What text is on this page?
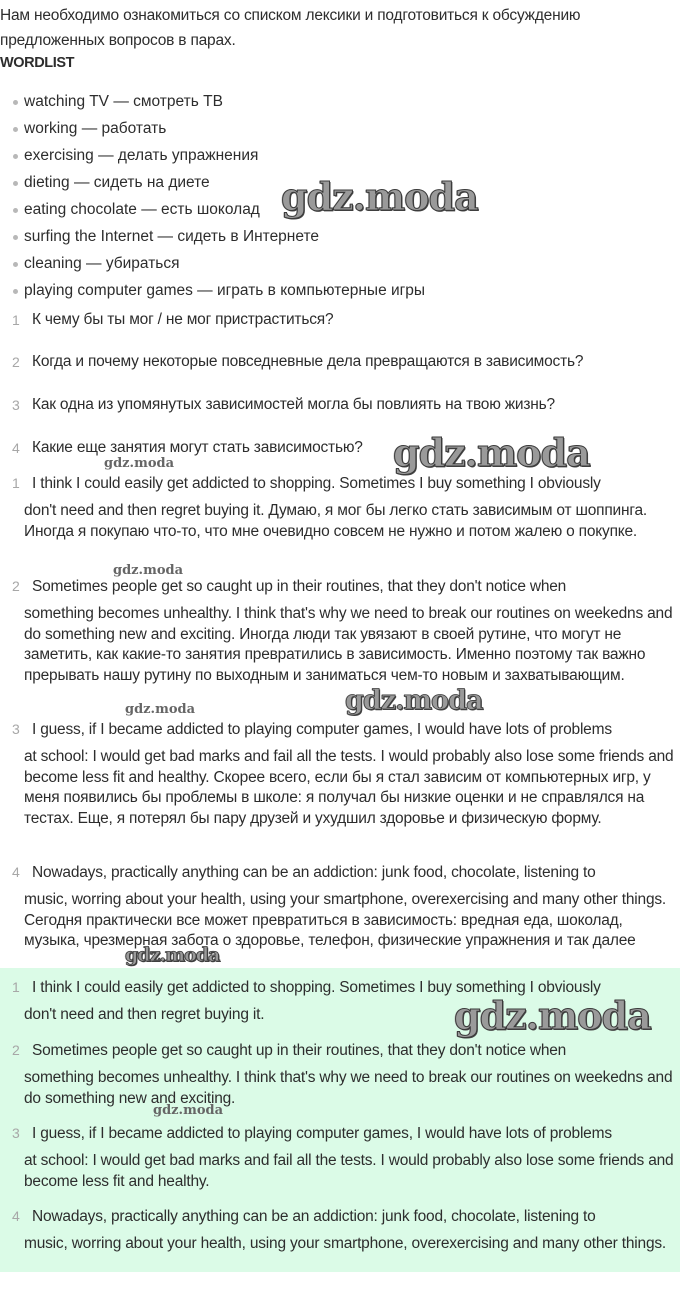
Нам необходимо ознакомиться со списком лексики и подготовиться к обсуждению
предложенных вопросов в парах.
WORDLIST
watching TV — смотреть ТВ
working — работать
exercising — делать упражнения
dieting — сидеть на диете
eating chocolate — есть шоколад
surfing the Internet — сидеть в Интернете
cleaning — убираться
playing computer games — играть в компьютерные игры
1 К чему бы ты мог / не мог пристраститься?
2 Когда и почему некоторые повседневные дела превращаются в зависимость?
3 Как одна из упомянутых зависимостей могла бы повлиять на твою жизнь?
4 Какие еще занятия могут стать зависимостью?
1 I think I could easily get addicted to shopping. Sometimes I buy something I obviously
don't need and then regret buying it. Думаю, я мог бы легко стать зависимым от шоппинга. Иногда я покупаю что-то, что мне очевидно совсем не нужно и потом жалею о покупке.
2 Sometimes people get so caught up in their routines, that they don't notice when
something becomes unhealthy. I think that's why we need to break our routines on weekedns and do something new and exciting. Иногда люди так увязают в своей рутине, что могут не заметить, как какие-то занятия превратились в зависимость. Именно поэтому так важно прерывать нашу рутину по выходным и заниматься чем-то новым и захватывающим.
3 I guess, if I became addicted to playing computer games, I would have lots of problems
at school: I would get bad marks and fail all the tests. I would probably also lose some friends and become less fit and healthy. Скорее всего, если бы я стал зависим от компьютерных игр, у меня появились бы проблемы в школе: я получал бы низкие оценки и не справлялся на тестах. Еще, я потерял бы пару друзей и ухудшил здоровье и физическую форму.
4 Nowadays, practically anything can be an addiction: junk food, chocolate, listening to
music, worring about your health, using your smartphone, overexercising and many other things. Сегодня практически все может превратиться в зависимость: вредная еда, шоколад, музыка, чрезмерная забота о здоровье, телефон, физические упражнения и так далее
1 I think I could easily get addicted to shopping. Sometimes I buy something I obviously
don't need and then regret buying it.
2 Sometimes people get so caught up in their routines, that they don't notice when
something becomes unhealthy. I think that's why we need to break our routines on weekedns and do something new and exciting.
3 I guess, if I became addicted to playing computer games, I would have lots of problems
at school: I would get bad marks and fail all the tests. I would probably also lose some friends and become less fit and healthy.
4 Nowadays, practically anything can be an addiction: junk food, chocolate, listening to
music, worring about your health, using your smartphone, overexercising and many other things.
gdz.moda
gdz.moda
gdz.moda
gdz.moda
gdz.moda
gdz.moda
gdz.moda
gdz.moda
gdz.moda
